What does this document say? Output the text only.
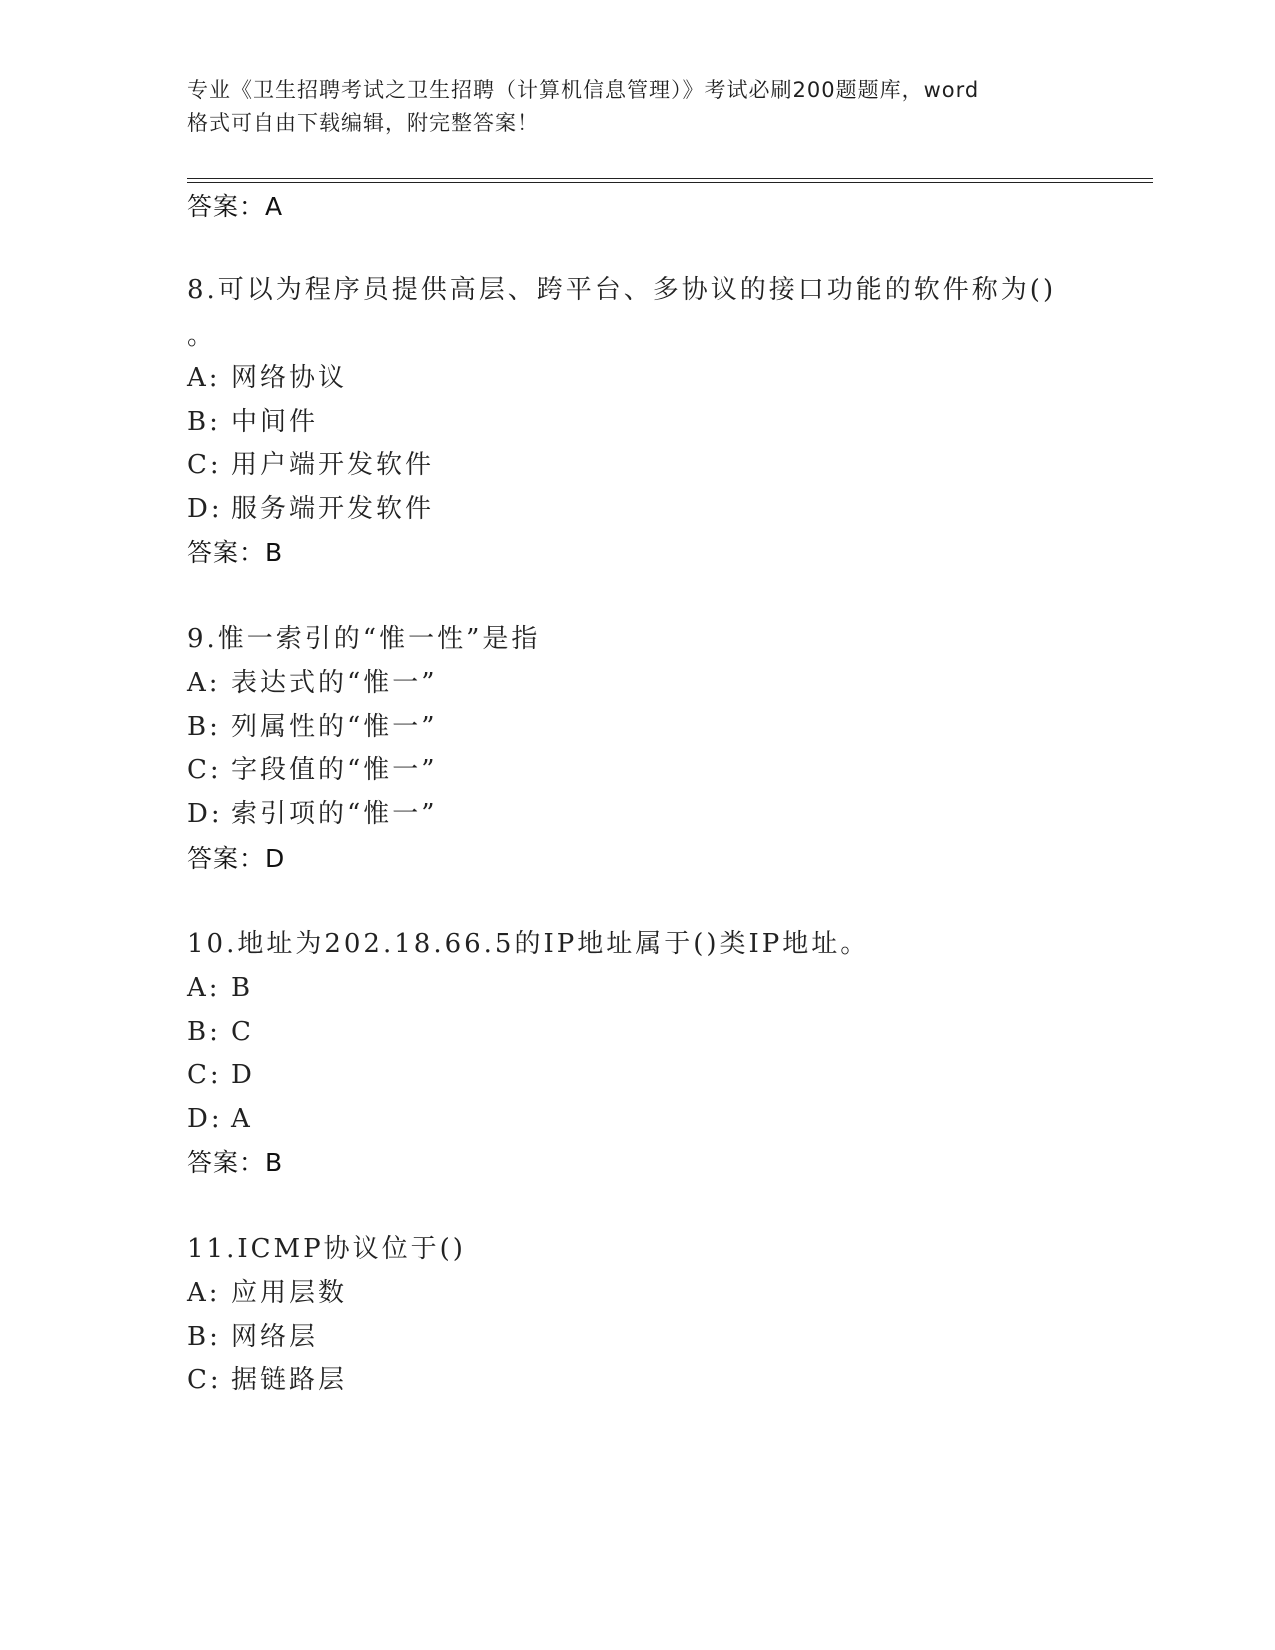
专业《卫生招聘考试之卫生招聘（计算机信息管理）》考试必刷200题题库，word
格式可自由下载编辑，附完整答案！
答案：A
8.可以为程序员提供高层、跨平台、多协议的接口功能的软件称为()
。
A: 网络协议
B: 中间件
C: 用户端开发软件
D: 服务端开发软件
答案：B
9.惟一索引的“惟一性”是指
A: 表达式的“惟一”
B: 列属性的“惟一”
C: 字段值的“惟一”
D: 索引项的“惟一”
答案：D
10.地址为202.18.66.5的IP地址属于()类IP地址。
A: B
B: C
C: D
D: A
答案：B
11.ICMP协议位于()
A: 应用层数
B: 网络层
C: 据链路层
